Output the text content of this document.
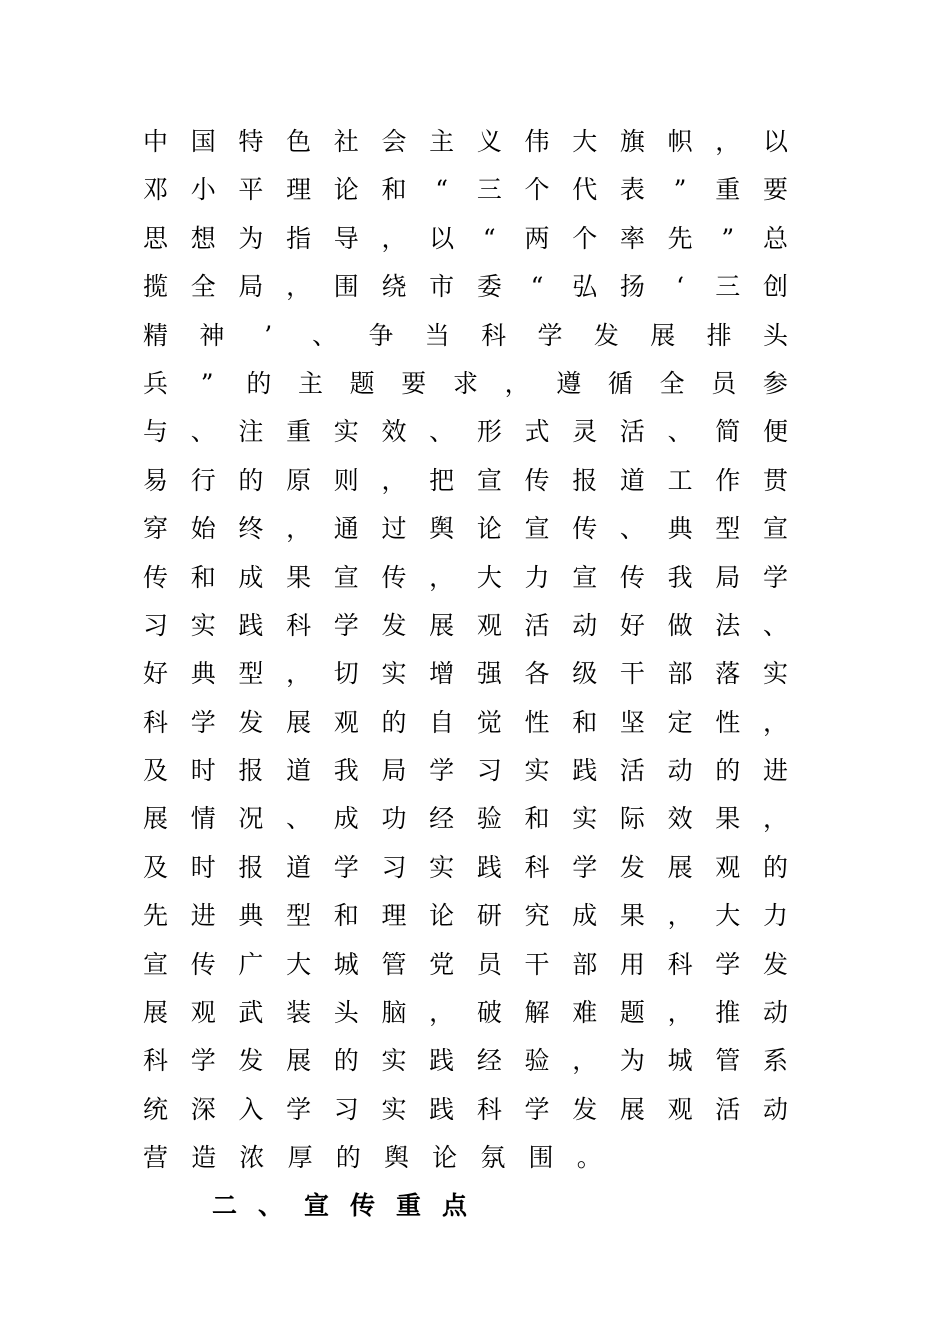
中 国 特 色 社 会 主 义 伟 大 旗 帜 ， 以
邓 小 平 理 论 和 “ 三 个 代 表 ” 重 要
思 想 为 指 导 ， 以 “ 两 个 率 先 ” 总
揽 全 局 ， 围 绕 市 委 “ 弘 扬	‘	三 创
精 神	’	、 争 当 科 学 发 展 排 头
兵 ” 的 主 题 要 求 ， 遵 循 全 员 参
与 、 注 重 实 效 、 形 式 灵 活 、 简 便
易 行 的 原 则 ， 把 宣 传 报 道 工 作 贯
穿 始 终 ， 通 过 舆 论 宣 传 、 典 型 宣
传 和 成 果 宣 传 ， 大 力 宣 传 我 局 学
习 实 践 科 学 发 展 观 活 动 好 做 法 、
好 典 型 ， 切 实 增 强 各 级 干 部 落 实
科 学 发 展 观 的 自 觉 性 和 坚 定 性 ，
及 时 报 道 我 局 学 习 实 践 活 动 的 进
展 情 况 、 成 功 经 验 和 实 际 效 果 ，
及 时 报 道 学 习 实 践 科 学 发 展 观 的
先 进 典 型 和 理 论 研 究 成 果 ， 大 力
宣 传 广 大 城 管 党 员 干 部 用 科 学 发
展 观 武 装 头 脑 ， 破 解 难 题 ， 推 动
科 学 发 展 的 实 践 经 验 ， 为 城 管 系
统 深 入 学 习 实 践 科 学 发 展 观 活 动
营 造 浓 厚 的 舆 论 氛 围 。
二 、 宣 传 重 点
